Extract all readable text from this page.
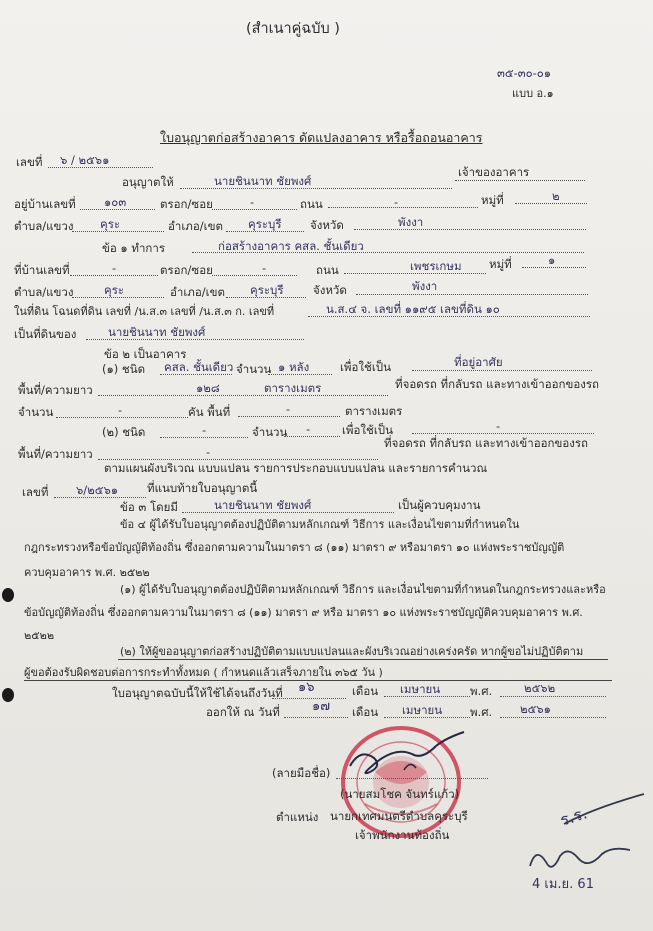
(สำเนาคู่ฉบับ )
๓๕-๓๐-๐๑
แบบ อ.๑
ใบอนุญาตก่อสร้างอาคาร ดัดแปลงอาคาร หรือรื้อถอนอาคาร
เลขที่ ๖ / ๒๕๖๑
อนุญาตให้	นายชินนาท ชัยพงศ์
เจ้าของอาคาร
อยู่บ้านเลขที่ ๑๐๓	ตรอก/ซอย	-	ถนน	-	หมู่ที่	๒
ตำบล/แขวง คุระ	อำเภอ/เขต คุระบุรี จังหวัด	พังงา
ข้อ ๑ ทำการ	ก่อสร้างอาคาร คสล. ชั้นเดียว
ที่บ้านเลขที่	-	ตรอก/ซอย	-	ถนน	เพชรเกษม หมู่ที่	๑
ตำบล/แขวง	คุระ	อำเภอ/เขต คุระบุรี	จังหวัด	พังงา
ในที่ดิน โฉนดที่ดิน เลขที่ /น.ส.๓ เลขที่ /น.ส.๓ ก. เลขที่	น.ส.๔ จ. เลขที่ ๑๑๙๕ เลขที่ดิน ๑๐
เป็นที่ดินของ	นายชินนาท ชัยพงศ์
ข้อ ๒ เป็นอาคาร
(๑) ชนิด คสล. ชั้นเดียว จำนวน ๑ หลัง	เพื่อใช้เป็น	ที่อยู่อาศัย
พื้นที่/ความยาว	๑๒๘	ตารางเมตร	ที่จอดรถ ที่กลับรถ และทางเข้าออกของรถ
จำนวน	-	คัน พื้นที่	-	ตารางเมตร
(๒) ชนิด	-	จำนวน -	เพื่อใช้เป็น	-
พื้นที่/ความยาว	-
ที่จอดรถ ที่กลับรถ และทางเข้าออกของรถ
ตามแผนผังบริเวณ แบบแปลน รายการประกอบแบบแปลน และรายการคำนวณ
เลขที่ ๖/๒๕๖๑	ที่แนบท้ายใบอนุญาตนี้
ข้อ ๓ โดยมี	นายชินนาท ชัยพงศ์	เป็นผู้ควบคุมงาน
ข้อ ๔ ผู้ได้รับใบอนุญาตต้องปฏิบัติตามหลักเกณฑ์ วิธีการ และเงื่อนไขตามที่กำหนดใน
กฎกระทรวงหรือข้อบัญญัติท้องถิ่น ซึ่งออกตามความในมาตรา ๘ (๑๑) มาตรา ๙ หรือมาตรา ๑๐ แห่งพระราชบัญญัติ
ควบคุมอาคาร พ.ศ. ๒๕๒๒
(๑) ผู้ได้รับใบอนุญาตต้องปฏิบัติตามหลักเกณฑ์ วิธีการ และเงื่อนไขตามที่กำหนดในกฎกระทรวงและหรือ
ข้อบัญญัติท้องถิ่น ซึ่งออกตามความในมาตรา ๘ (๑๑) มาตรา ๙ หรือ มาตรา ๑๐ แห่งพระราชบัญญัติควบคุมอาคาร พ.ศ.
๒๕๒๒
(๒) ให้ผู้ขออนุญาตก่อสร้างปฏิบัติตามแบบแปลนและผังบริเวณอย่างเคร่งครัด หากผู้ขอไม่ปฏิบัติตาม
ผู้ขอต้องรับผิดชอบต่อการกระทำทั้งหมด ( กำหนดแล้วเสร็จภายใน ๓๖๕ วัน )
ใบอนุญาตฉบับนี้ให้ใช้ได้จนถึงวันที่ ๑๖	เดือน เมษายน	พ.ศ.	๒๕๖๒
ออกให้ ณ วันที่ ๑๗ เดือน เมษายน พ.ศ. ๒๕๖๑
(ลายมือชื่อ)
(นายสมโชค จันทร์แก้ว)
ตำแหน่ง นายกเทศมนตรีตำบลคุระบุรี
เจ้าพนักงานท้องถิ่น
ร.ร.
4 เม.ย. 61
